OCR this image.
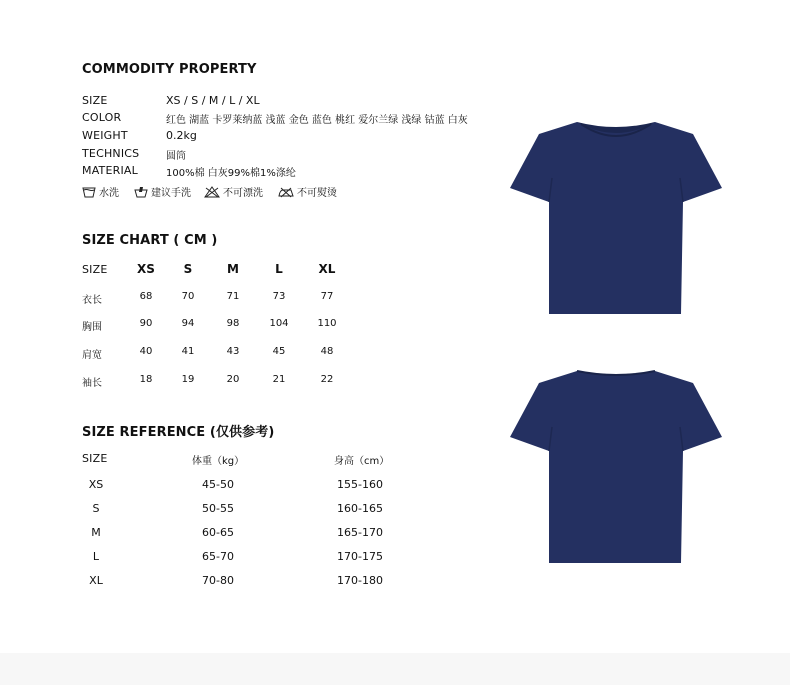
COMMODITY PROPERTY
SIZE	XS / S / M / L / XL
COLOR	红色 湖蓝 卡罗莱纳蓝 浅蓝 金色 蓝色 桃红 爱尔兰绿 浅绿 钴蓝 白灰
WEIGHT	0.2kg
TECHNICS	圆筒
MATERIAL	100%棉 白灰99%棉1%涤纶
水洗	建议手洗	不可漂洗	不可熨烫
SIZE CHART ( CM )
SIZE	XS	S	M	L	XL
衣长	68	70	71	73	77
胸围	90	94	98	104	110
肩宽	40	41	43	45	48
袖长	18	19	20	21	22
SIZE REFERENCE (仅供参考)
SIZE	体重（kg）	身高（cm）
XS	45-50	155-160
S	50-55	160-165
M	60-65	165-170
L	65-70	170-175
XL	70-80	170-180
